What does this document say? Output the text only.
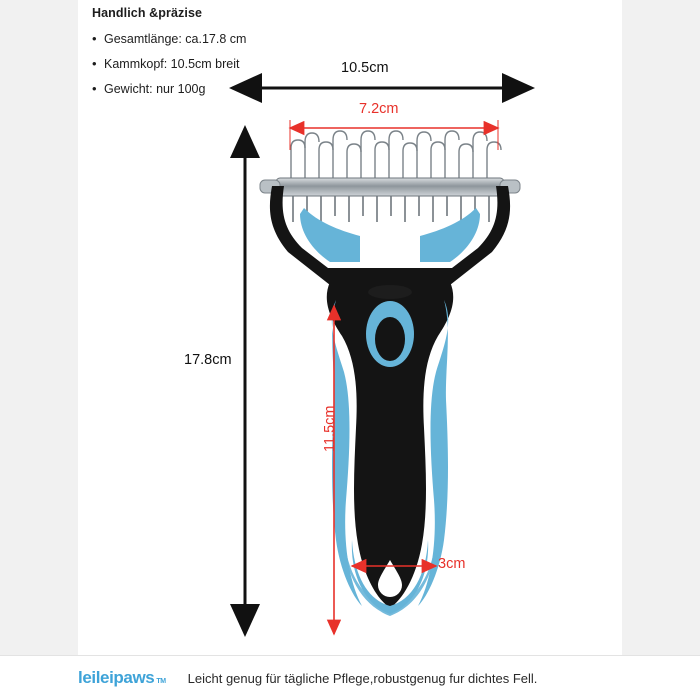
Handlich &präzise

• Gesamtlänge: ca.17.8 cm
• Kammkopf: 10.5cm breit
• Gewicht: nur 100g
10.5cm
7.2cm
17.8cm
11.5cm
3cm
leileipaws $_{TM}$ Leicht genug für tägliche Pflege,robustgenug fur dichtes Fell.
